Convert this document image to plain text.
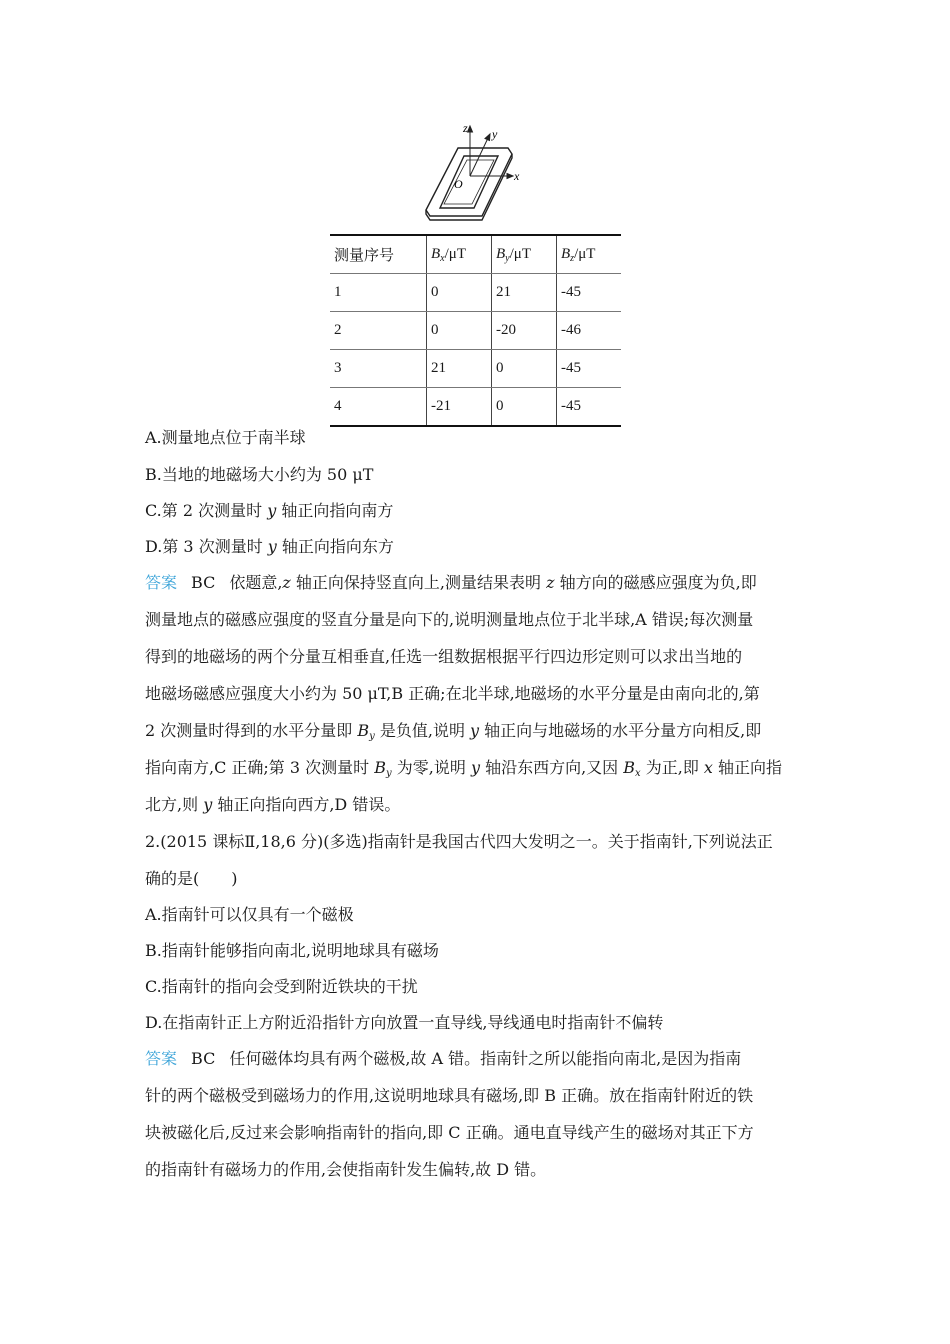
z y
x
O
测量序号	$B_x/\mu T$	$B_y/\mu T$	$B_z/\mu T$
1	0	21	-45
2	0	-20	-46
3	21	0	-45
4	-21	0	-45
A.测量地点位于南半球
B.当地的地磁场大小约为 50 μT
C.第 2 次测量时 y 轴正向指向南方
D.第 3 次测量时 y 轴正向指向东方
答案 BC 依题意,z 轴正向保持竖直向上,测量结果表明 z 轴方向的磁感应强度为负,即
测量地点的磁感应强度的竖直分量是向下的,说明测量地点位于北半球,A 错误;每次测量
得到的地磁场的两个分量互相垂直,任选一组数据根据平行四边形定则可以求出当地的
地磁场磁感应强度大小约为 50 μT,B 正确;在北半球,地磁场的水平分量是由南向北的,第
2 次测量时得到的水平分量即 $B_y$ 是负值,说明 y 轴正向与地磁场的水平分量方向相反,即
指向南方,C 正确;第 3 次测量时 $B_y$ 为零,说明 y 轴沿东西方向,又因 $B_x$ 为正,即 x 轴正向指
北方,则 y 轴正向指向西方,D 错误。
2.(2015 课标Ⅱ,18,6 分)(多选)指南针是我国古代四大发明之一。关于指南针,下列说法正
确的是(　　)
A.指南针可以仅具有一个磁极
B.指南针能够指向南北,说明地球具有磁场
C.指南针的指向会受到附近铁块的干扰
D.在指南针正上方附近沿指针方向放置一直导线,导线通电时指南针不偏转
答案 BC 任何磁体均具有两个磁极,故 A 错。指南针之所以能指向南北,是因为指南
针的两个磁极受到磁场力的作用,这说明地球具有磁场,即 B 正确。放在指南针附近的铁
块被磁化后,反过来会影响指南针的指向,即 C 正确。通电直导线产生的磁场对其正下方
的指南针有磁场力的作用,会使指南针发生偏转,故 D 错。
